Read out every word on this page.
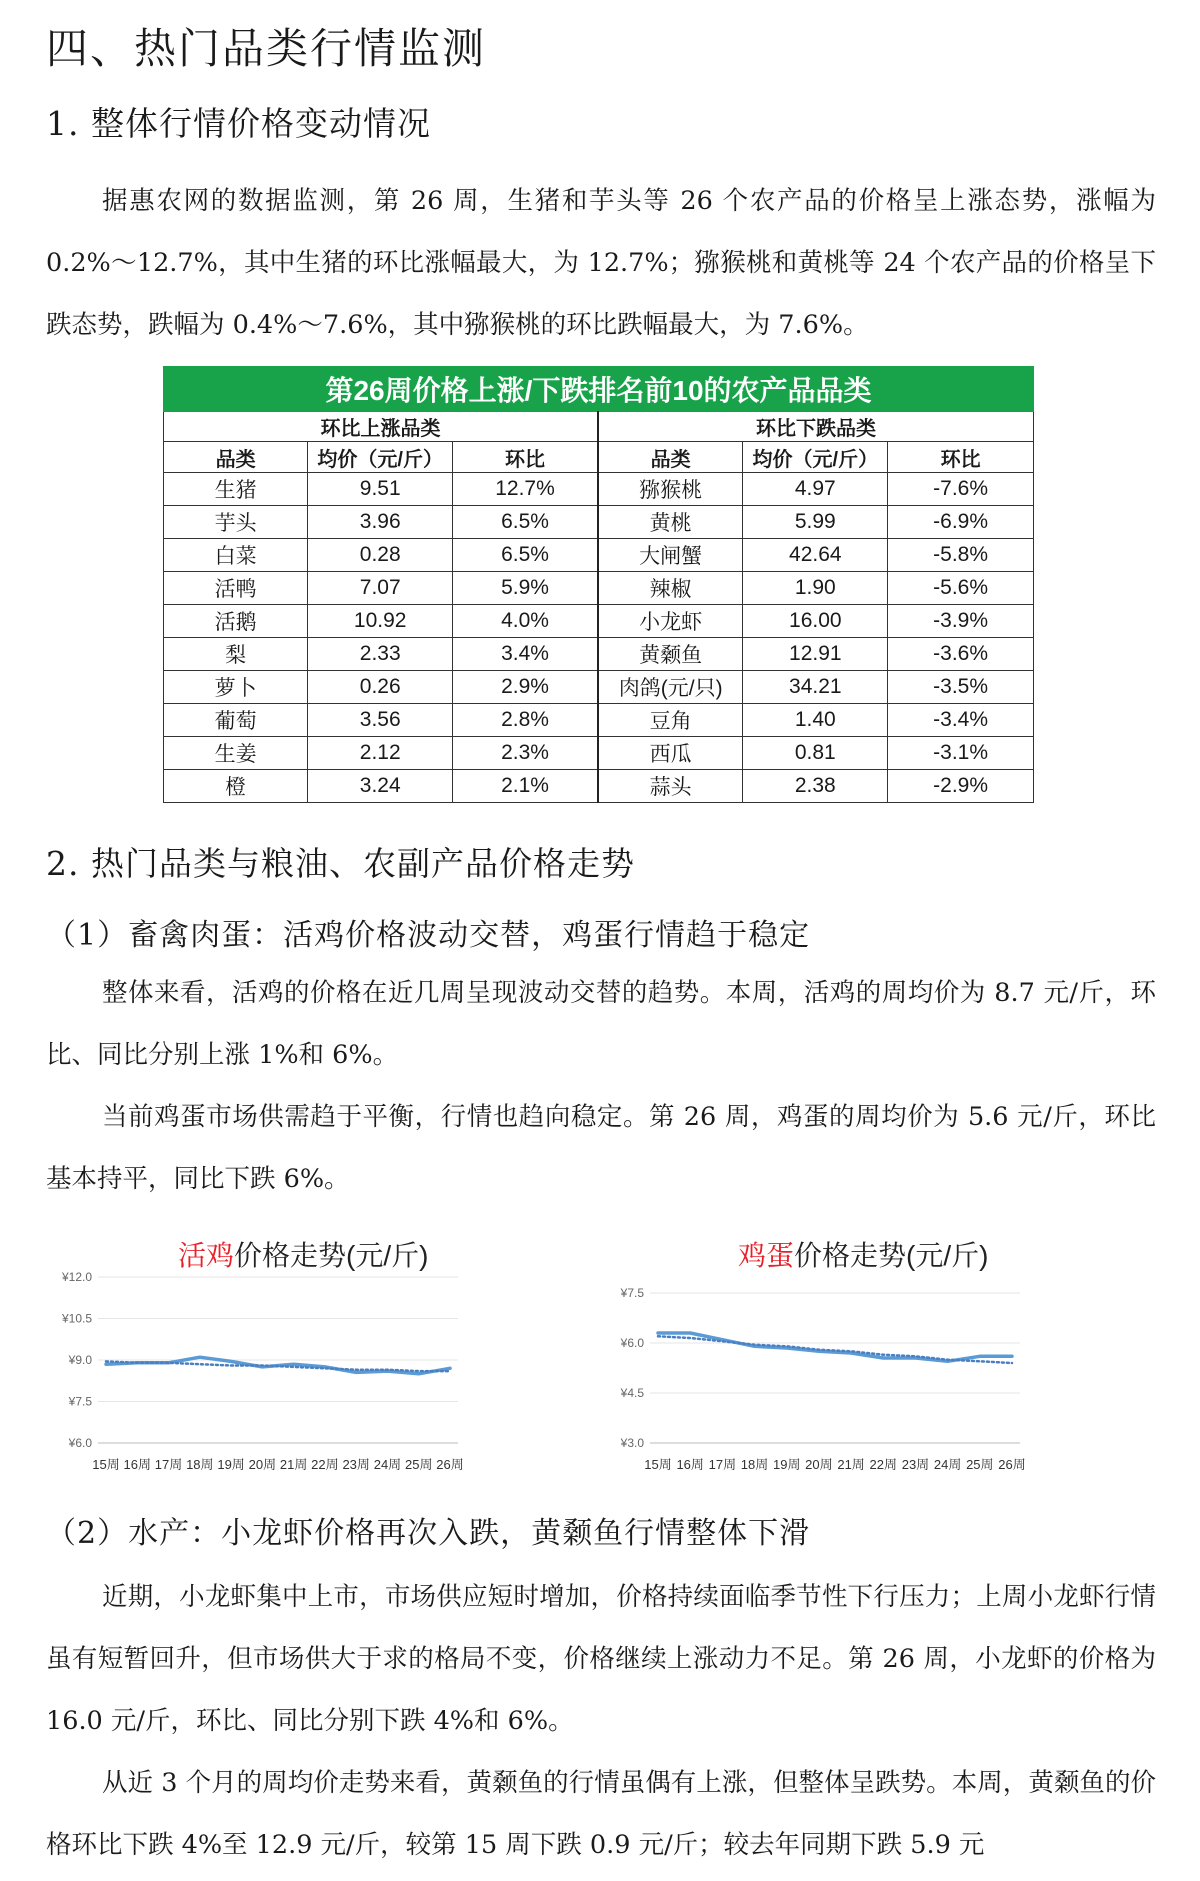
四、热门品类行情监测
1. 整体行情价格变动情况

据惠农网的数据监测，第 26 周，生猪和芋头等 26 个农产品的价格呈上涨态势，涨幅为 0.2%～12.7%，其中生猪的环比涨幅最大，为 12.7%；猕猴桃和黄桃等 24 个农产品的价格呈下跌态势，跌幅为 0.4%～7.6%，其中猕猴桃的环比跌幅最大，为 7.6%。

第26周价格上涨/下跌排名前10的农产品品类					
环比上涨品类			环比下跌品类		
品类	均价（元/斤）	环比	品类	均价（元/斤）	环比
生猪	9.51	12.7%	猕猴桃	4.97	-7.6%
芋头	3.96	6.5%	黄桃	5.99	-6.9%
白菜	0.28	6.5%	大闸蟹	42.64	-5.8%
活鸭	7.07	5.9%	辣椒	1.90	-5.6%
活鹅	10.92	4.0%	小龙虾	16.00	-3.9%
梨	2.33	3.4%	黄颡鱼	12.91	-3.6%
萝卜	0.26	2.9%	肉鸽(元/只)	34.21	-3.5%
葡萄	3.56	2.8%	豆角	1.40	-3.4%
生姜	2.12	2.3%	西瓜	0.81	-3.1%
橙	3.24	2.1%	蒜头	2.38	-2.9%
2. 热门品类与粮油、农副产品价格走势
（1）畜禽肉蛋：活鸡价格波动交替，鸡蛋行情趋于稳定

整体来看，活鸡的价格在近几周呈现波动交替的趋势。本周，活鸡的周均价为 8.7 元/斤，环比、同比分别上涨 1%和 6%。

当前鸡蛋市场供需趋于平衡，行情也趋向稳定。第 26 周，鸡蛋的周均价为 5.6 元/斤，环比基本持平，同比下跌 6%。

活鸡价格走势(元/斤)
¥12.0
¥10.5
¥9.0
¥7.5
¥6.0
15周 16周 17周 18周 19周 20周 21周 22周 23周 24周 25周 26周
鸡蛋价格走势(元/斤)
¥7.5
¥6.0
¥4.5
¥3.0
15周 16周 17周 18周 19周 20周 21周 22周 23周 24周 25周 26周
（2）水产：小龙虾价格再次入跌，黄颡鱼行情整体下滑

近期，小龙虾集中上市，市场供应短时增加，价格持续面临季节性下行压力；上周小龙虾行情虽有短暂回升，但市场供大于求的格局不变，价格继续上涨动力不足。第 26 周，小龙虾的价格为 16.0 元/斤，环比、同比分别下跌 4%和 6%。

从近 3 个月的周均价走势来看，黄颡鱼的行情虽偶有上涨，但整体呈跌势。本周，黄颡鱼的价格环比下跌 4%至 12.9 元/斤，较第 15 周下跌 0.9 元/斤；较去年同期下跌 5.9 元
